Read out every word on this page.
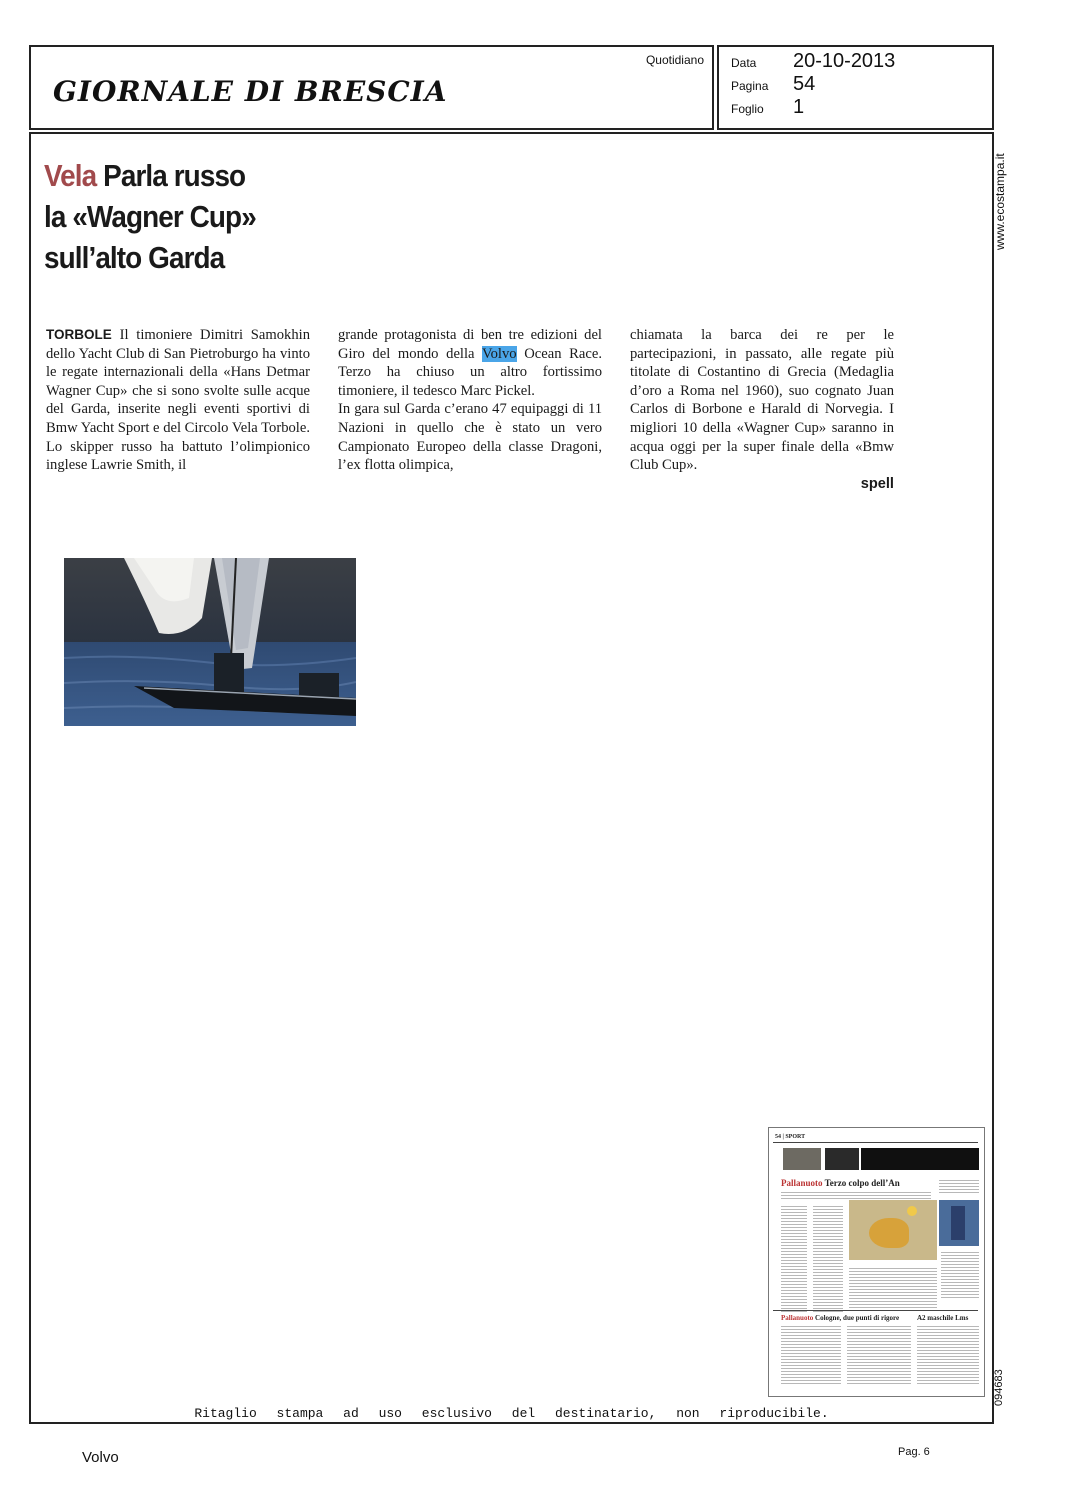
GIORNALE DI BRESCIA
Quotidiano Data 20-10-2013
Pagina 54
Foglio 1
www.ecostampa.it
094683
Vela Parla russo
la «Wagner Cup»
sull’alto Garda

TORBOLE Il timoniere Dimitri Samokhin dello Yacht Club di San Pietroburgo ha vinto le regate internazionali della «Hans Detmar Wagner Cup» che si sono svolte sulle acque del Garda, inserite negli eventi sportivi di Bmw Yacht Sport e del Circolo Vela Torbole. Lo skipper russo ha battuto l’olimpionico inglese Lawrie Smith, il

grande protagonista di ben tre edizioni del Giro del mondo della Volvo Ocean Race. Terzo ha chiuso un altro fortissimo timoniere, il tedesco Marc Pickel.

In gara sul Garda c’erano 47 equipaggi di 11 Nazioni in quello che è stato un vero Campionato Europeo della classe Dragoni, l’ex flotta olimpica,

chiamata la barca dei re per le partecipazioni, in passato, alle regate più titolate di Costantino di Grecia (Medaglia d’oro a Roma nel 1960), suo cognato Juan Carlos di Borbone e Harald di Norvegia. I migliori 10 della «Wagner Cup» saranno in acqua oggi per la super finale della «Bmw Club Cup».

spell
54 | SPORT
Pallanuoto Terzo colpo dell’An
Pallanuoto Cologne, due punti di rigore	A2 maschile Lms
Ritaglio stampa ad uso esclusivo del destinatario, non riproducibile.
Volvo	Pag. 6
